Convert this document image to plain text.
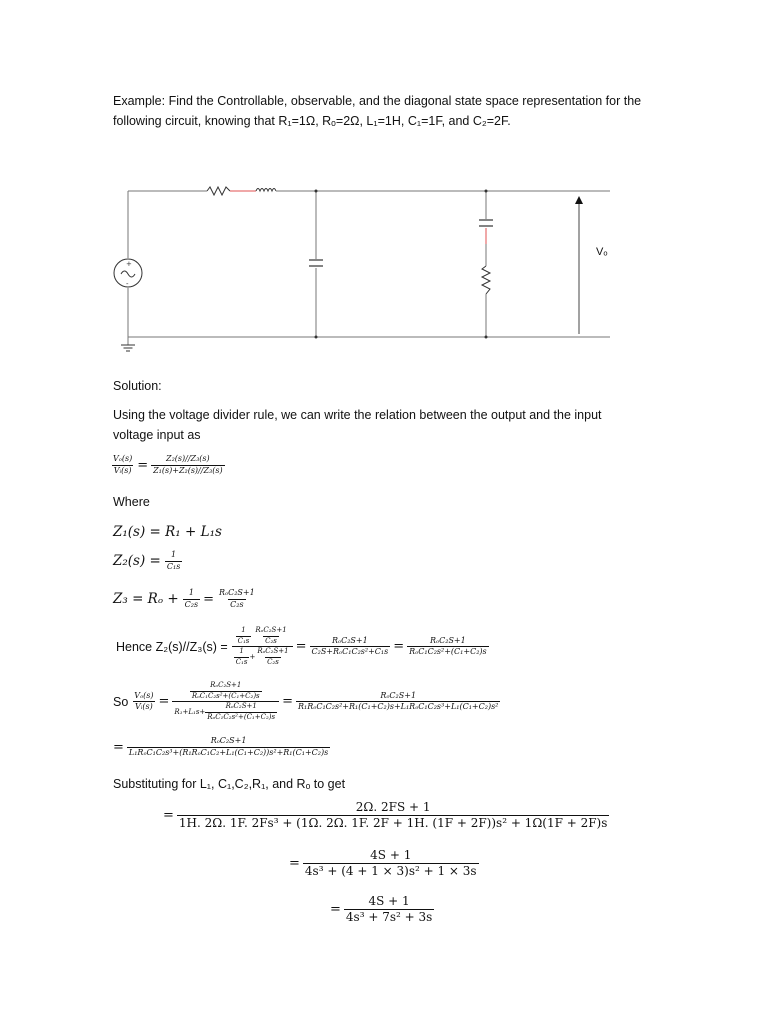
Example: Find the Controllable, observable, and the diagonal state space representation for the
following circuit, knowing that R₁=1Ω, Rₒ=2Ω, L₁=1H, C₁=1F, and C₂=2F.
+
-
Vₒ
Solution:
Using the voltage divider rule, we can write the relation between the output and the input
voltage input as
$\frac{\text{Vₒ(s)}}{\text{Vᵢ(s)}} = \frac{\text{Z₂(s)//Z₃(s)}}{\text{Z₁(s)+Z₂(s)//Z₃(s)}}$
Where
Z₁(s) = R₁ + L₁s
$Z_2(s) = \frac{1}{\text{C₁s}}$
$Z_3 = R_o + \frac{1}{\text{C₂s}} = \frac{\text{RₒC₂S+1}}{\text{C₂s}}$
Hence $Z_2(s)//Z_3(s) = \frac{\frac{1}{\text{C₁s}} \frac{\text{RₒC₂S+1}}{\text{C₂s}}}{\frac{1}{\text{C₁s}} + \frac{\text{RₒC₂S+1}}{\text{C₂s}}} = \frac{\text{RₒC₂S+1}}{\text{C₂S+RₒC₁C₂s²+C₁s}} = \frac{\text{RₒC₂S+1}}{\text{RₒC₁C₂s²+(C₁+C₂)s}}$
So $\frac{\text{Vₒ(s)}}{\text{Vᵢ(s)}} = \frac{\frac{\text{RₒC₂S+1}}{\text{RₒC₁C₂s²+(C₁+C₂)s}}}{R_1+L_1s+ \frac{\text{RₒC₂S+1}}{\text{RₒC₁C₂s²+(C₁+C₂)s}}} = \frac{\text{RₒC₂S+1}}{\text{R₁RₒC₁C₂s²+R₁(C₁+C₂)s+L₁RₒC₁C₂s³+L₁(C₁+C₂)s²}}$
= $\frac{\text{RₒC₂S+1}}{\text{L₁RₒC₁C₂s³+(R₁RₒC₁C₂+L₁(C₁+C₂))s²+R₁(C₁+C₂)s}}$
Substituting for L₁, C₁,C₂,R₁, and Rₒ to get
=
2Ω. 2FS + 1
1H. 2Ω. 1F. 2Fs³ + (1Ω. 2Ω. 1F. 2F + 1H. (1F + 2F))s² + 1Ω(1F + 2F)s
= $\frac{4S + 1}{\text{4s³ + (4 + 1 × 3)s² + 1 × 3s}}$
= $\frac{4S + 1}{\text{4s³ + 7s² + 3s}}$
